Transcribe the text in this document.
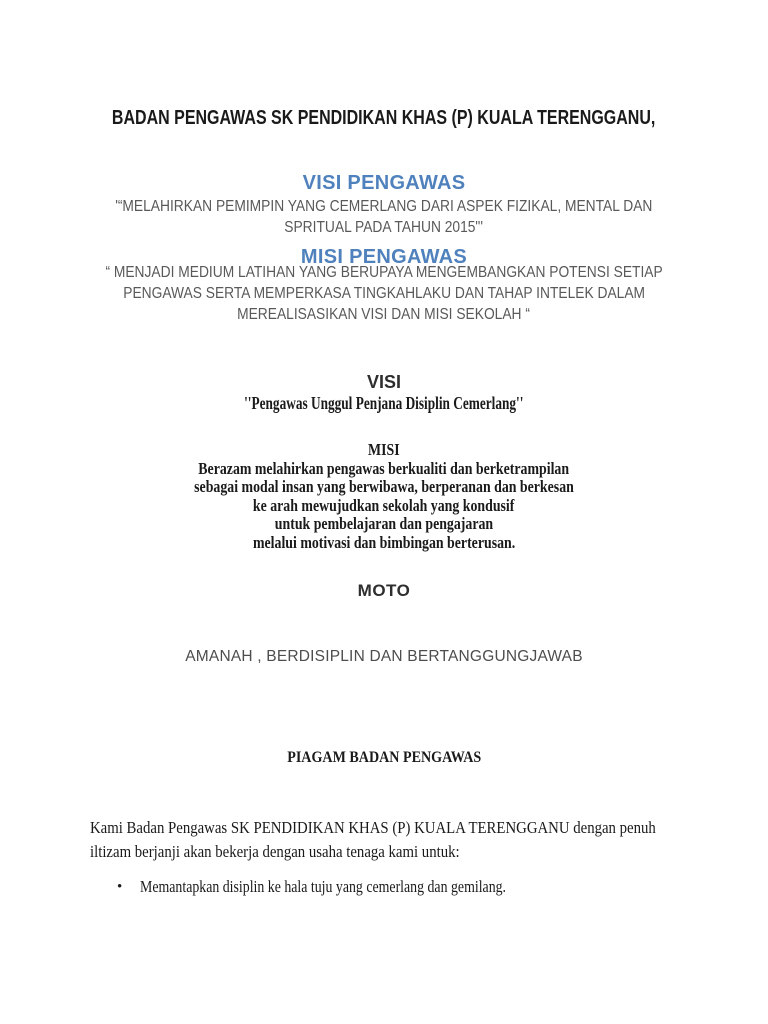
BADAN PENGAWAS SK PENDIDIKAN KHAS (P) KUALA TERENGGANU,
VISI PENGAWAS
'“MELAHIRKAN PEMIMPIN YANG CEMERLANG DARI ASPEK FIZIKAL, MENTAL DAN
SPRITUAL PADA TAHUN 2015"'
MISI PENGAWAS
“ MENJADI MEDIUM LATIHAN YANG BERUPAYA MENGEMBANGKAN POTENSI SETIAP
PENGAWAS SERTA MEMPERKASA TINGKAHLAKU DAN TAHAP INTELEK DALAM
MEREALISASIKAN VISI DAN MISI SEKOLAH “
VISI
''Pengawas Unggul Penjana Disiplin Cemerlang''
MISI
Berazam melahirkan pengawas berkualiti dan berketrampilan
sebagai modal insan yang berwibawa, berperanan dan berkesan
ke arah mewujudkan sekolah yang kondusif
untuk pembelajaran dan pengajaran
melalui motivasi dan bimbingan berterusan.
MOTO
AMANAH , BERDISIPLIN DAN BERTANGGUNGJAWAB
PIAGAM BADAN PENGAWAS
Kami Badan Pengawas SK PENDIDIKAN KHAS (P) KUALA TERENGGANU dengan penuh
iltizam berjanji akan bekerja dengan usaha tenaga kami untuk:
• Memantapkan disiplin ke hala tuju yang cemerlang dan gemilang.
